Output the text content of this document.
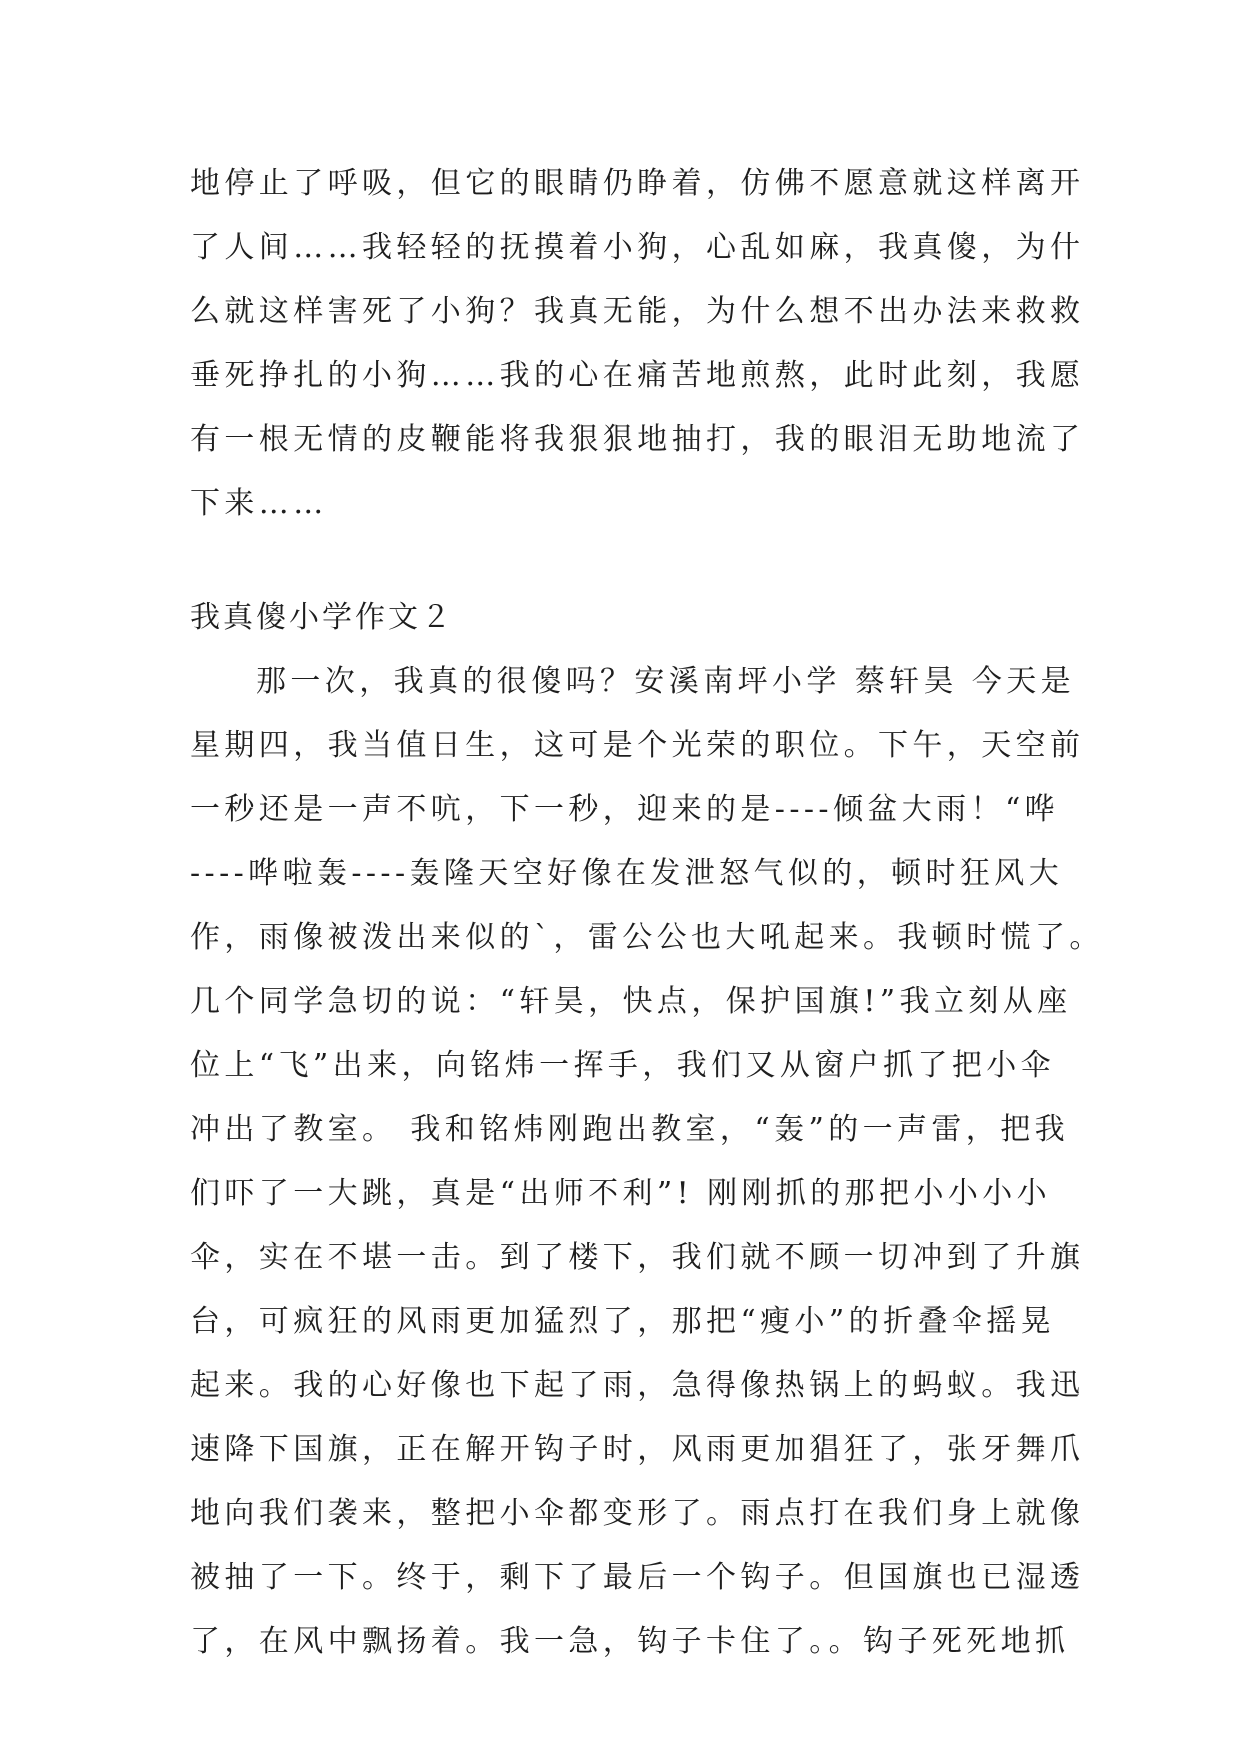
地停止了呼吸，但它的眼睛仍睁着，仿佛不愿意就这样离开
了人间……我轻轻的抚摸着小狗，心乱如麻，我真傻，为什
么就这样害死了小狗？我真无能，为什么想不出办法来救救
垂死挣扎的小狗……我的心在痛苦地煎熬，此时此刻，我愿
有一根无情的皮鞭能将我狠狠地抽打，我的眼泪无助地流了
下来……
我真傻小学作文２
那一次，我真的很傻吗？安溪南坪小学 蔡轩昊 今天是
星期四，我当值日生，这可是个光荣的职位。下午，天空前
一秒还是一声不吭，下一秒，迎来的是----倾盆大雨！“哗
----哗啦轰----轰隆天空好像在发泄怒气似的，顿时狂风大
作，雨像被泼出来似的`，雷公公也大吼起来。我顿时慌了。
几个同学急切的说：“轩昊，快点，保护国旗!”我立刻从座
位上“飞”出来，向铭炜一挥手，我们又从窗户抓了把小伞
冲出了教室。 我和铭炜刚跑出教室，“轰”的一声雷，把我
们吓了一大跳，真是“出师不利”! 刚刚抓的那把小小小小
伞，实在不堪一击。到了楼下，我们就不顾一切冲到了升旗
台，可疯狂的风雨更加猛烈了，那把“瘦小”的折叠伞摇晃
起来。我的心好像也下起了雨，急得像热锅上的蚂蚁。我迅
速降下国旗，正在解开钩子时，风雨更加猖狂了，张牙舞爪
地向我们袭来，整把小伞都变形了。雨点打在我们身上就像
被抽了一下。终于，剩下了最后一个钩子。但国旗也已湿透
了，在风中飘扬着。我一急，钩子卡住了。。钩子死死地抓
